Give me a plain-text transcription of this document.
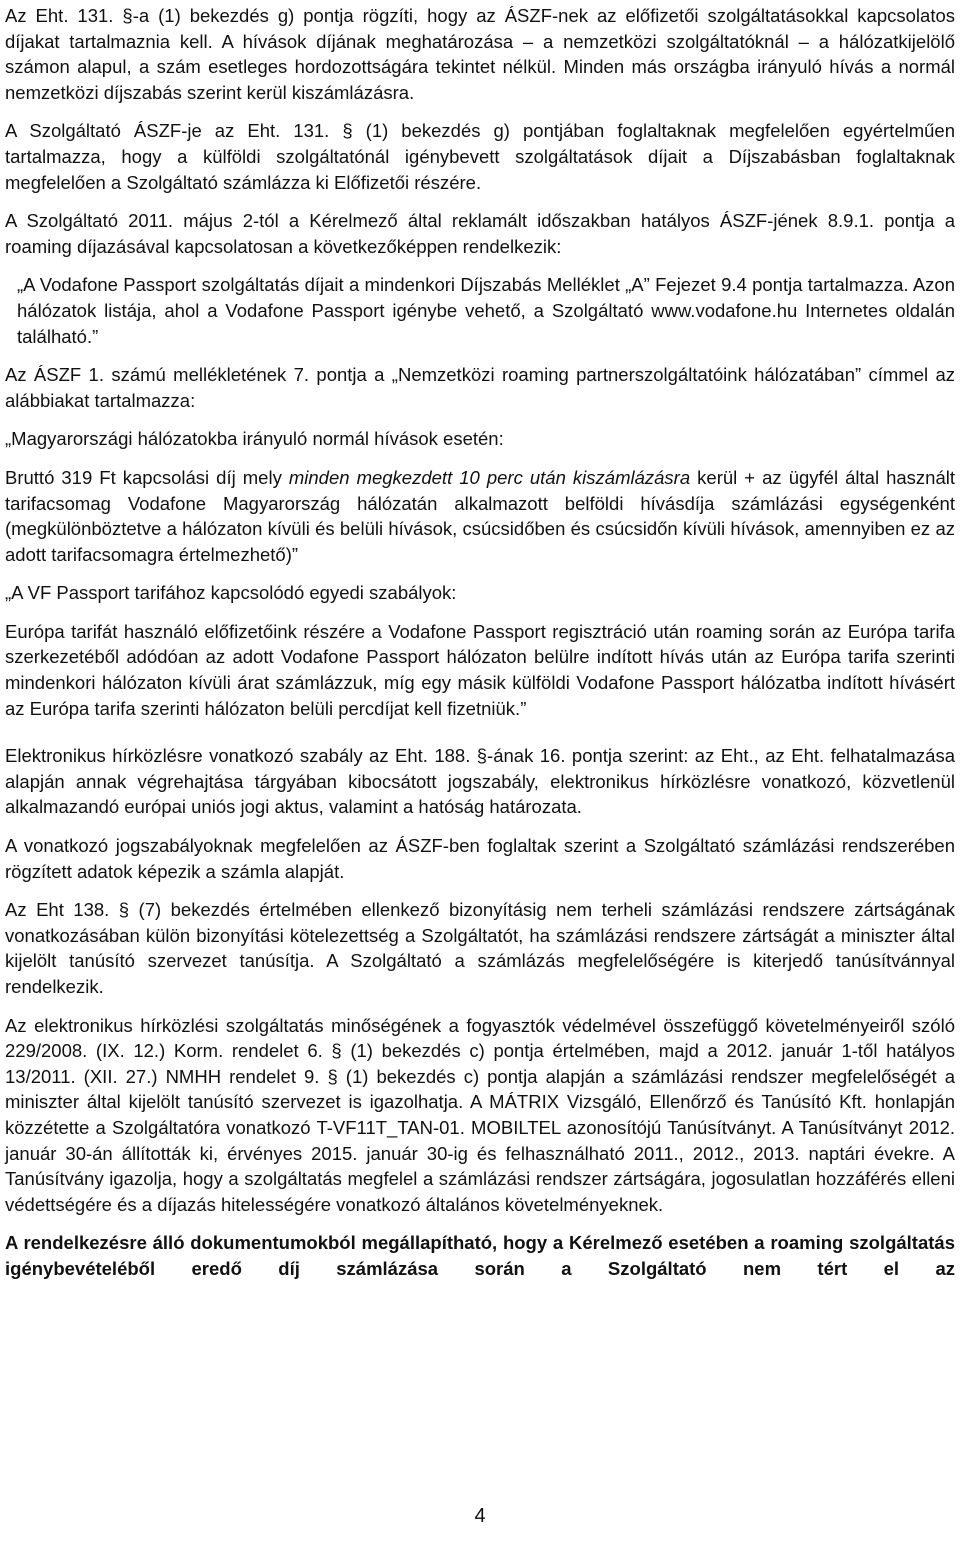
Az Eht. 131. §-a (1) bekezdés g) pontja rögzíti, hogy az ÁSZF-nek az előfizetői szolgáltatásokkal kapcsolatos díjakat tartalmaznia kell. A hívások díjának meghatározása – a nemzetközi szolgáltatóknál – a hálózatkijelölő számon alapul, a szám esetleges hordozottságára tekintet nélkül. Minden más országba irányuló hívás a normál nemzetközi díjszabás szerint kerül kiszámlázásra.

A Szolgáltató ÁSZF-je az Eht. 131. § (1) bekezdés g) pontjában foglaltaknak megfelelően egyértelműen tartalmazza, hogy a külföldi szolgáltatónál igénybevett szolgáltatások díjait a Díjszabásban foglaltaknak megfelelően a Szolgáltató számlázza ki Előfizetői részére.

A Szolgáltató 2011. május 2-tól a Kérelmező által reklamált időszakban hatályos ÁSZF-jének 8.9.1. pontja a roaming díjazásával kapcsolatosan a következőképpen rendelkezik:

„A Vodafone Passport szolgáltatás díjait a mindenkori Díjszabás Melléklet „A” Fejezet 9.4 pontja tartalmazza. Azon hálózatok listája, ahol a Vodafone Passport igénybe vehető, a Szolgáltató www.vodafone.hu Internetes oldalán található.”

Az ÁSZF 1. számú mellékletének 7. pontja a „Nemzetközi roaming partnerszolgáltatóink hálózatában” címmel az alábbiakat tartalmazza:

„Magyarországi hálózatokba irányuló normál hívások esetén:

Bruttó 319 Ft kapcsolási díj mely minden megkezdett 10 perc után kiszámlázásra kerül + az ügyfél által használt tarifacsomag Vodafone Magyarország hálózatán alkalmazott belföldi hívásdíja számlázási egységenként (megkülönböztetve a hálózaton kívüli és belüli hívások, csúcsidőben és csúcsidőn kívüli hívások, amennyiben ez az adott tarifacsomagra értelmezhető)”

„A VF Passport tarifához kapcsolódó egyedi szabályok:

Európa tarifát használó előfizetőink részére a Vodafone Passport regisztráció után roaming során az Európa tarifa szerkezetéből adódóan az adott Vodafone Passport hálózaton belülre indított hívás után az Európa tarifa szerinti mindenkori hálózaton kívüli árat számlázzuk, míg egy másik külföldi Vodafone Passport hálózatba indított hívásért az Európa tarifa szerinti hálózaton belüli percdíjat kell fizetniük.”

Elektronikus hírközlésre vonatkozó szabály az Eht. 188. §-ának 16. pontja szerint: az Eht., az Eht. felhatalmazása alapján annak végrehajtása tárgyában kibocsátott jogszabály, elektronikus hírközlésre vonatkozó, közvetlenül alkalmazandó európai uniós jogi aktus, valamint a hatóság határozata.

A vonatkozó jogszabályoknak megfelelően az ÁSZF-ben foglaltak szerint a Szolgáltató számlázási rendszerében rögzített adatok képezik a számla alapját.

Az Eht 138. § (7) bekezdés értelmében ellenkező bizonyításig nem terheli számlázási rendszere zártságának vonatkozásában külön bizonyítási kötelezettség a Szolgáltatót, ha számlázási rendszere zártságát a miniszter által kijelölt tanúsító szervezet tanúsítja. A Szolgáltató a számlázás megfelelőségére is kiterjedő tanúsítvánnyal rendelkezik.

Az elektronikus hírközlési szolgáltatás minőségének a fogyasztók védelmével összefüggő követelményeiről szóló 229/2008. (IX. 12.) Korm. rendelet 6. § (1) bekezdés c) pontja értelmében, majd a 2012. január 1-től hatályos 13/2011. (XII. 27.) NMHH rendelet 9. § (1) bekezdés c) pontja alapján a számlázási rendszer megfelelőségét a miniszter által kijelölt tanúsító szervezet is igazolhatja. A MÁTRIX Vizsgáló, Ellenőrző és Tanúsító Kft. honlapján közzétette a Szolgáltatóra vonatkozó T-VF11T_TAN-01. MOBILTEL azonosítójú Tanúsítványt. A Tanúsítványt 2012. január 30-án állították ki, érvényes 2015. január 30-ig és felhasználható 2011., 2012., 2013. naptári évekre. A Tanúsítvány igazolja, hogy a szolgáltatás megfelel a számlázási rendszer zártságára, jogosulatlan hozzáférés elleni védettségére és a díjazás hitelességére vonatkozó általános követelményeknek.

A rendelkezésre álló dokumentumokból megállapítható, hogy a Kérelmező esetében a roaming szolgáltatás igénybevételéből eredő díj számlázása során a Szolgáltató nem tért el az

4
